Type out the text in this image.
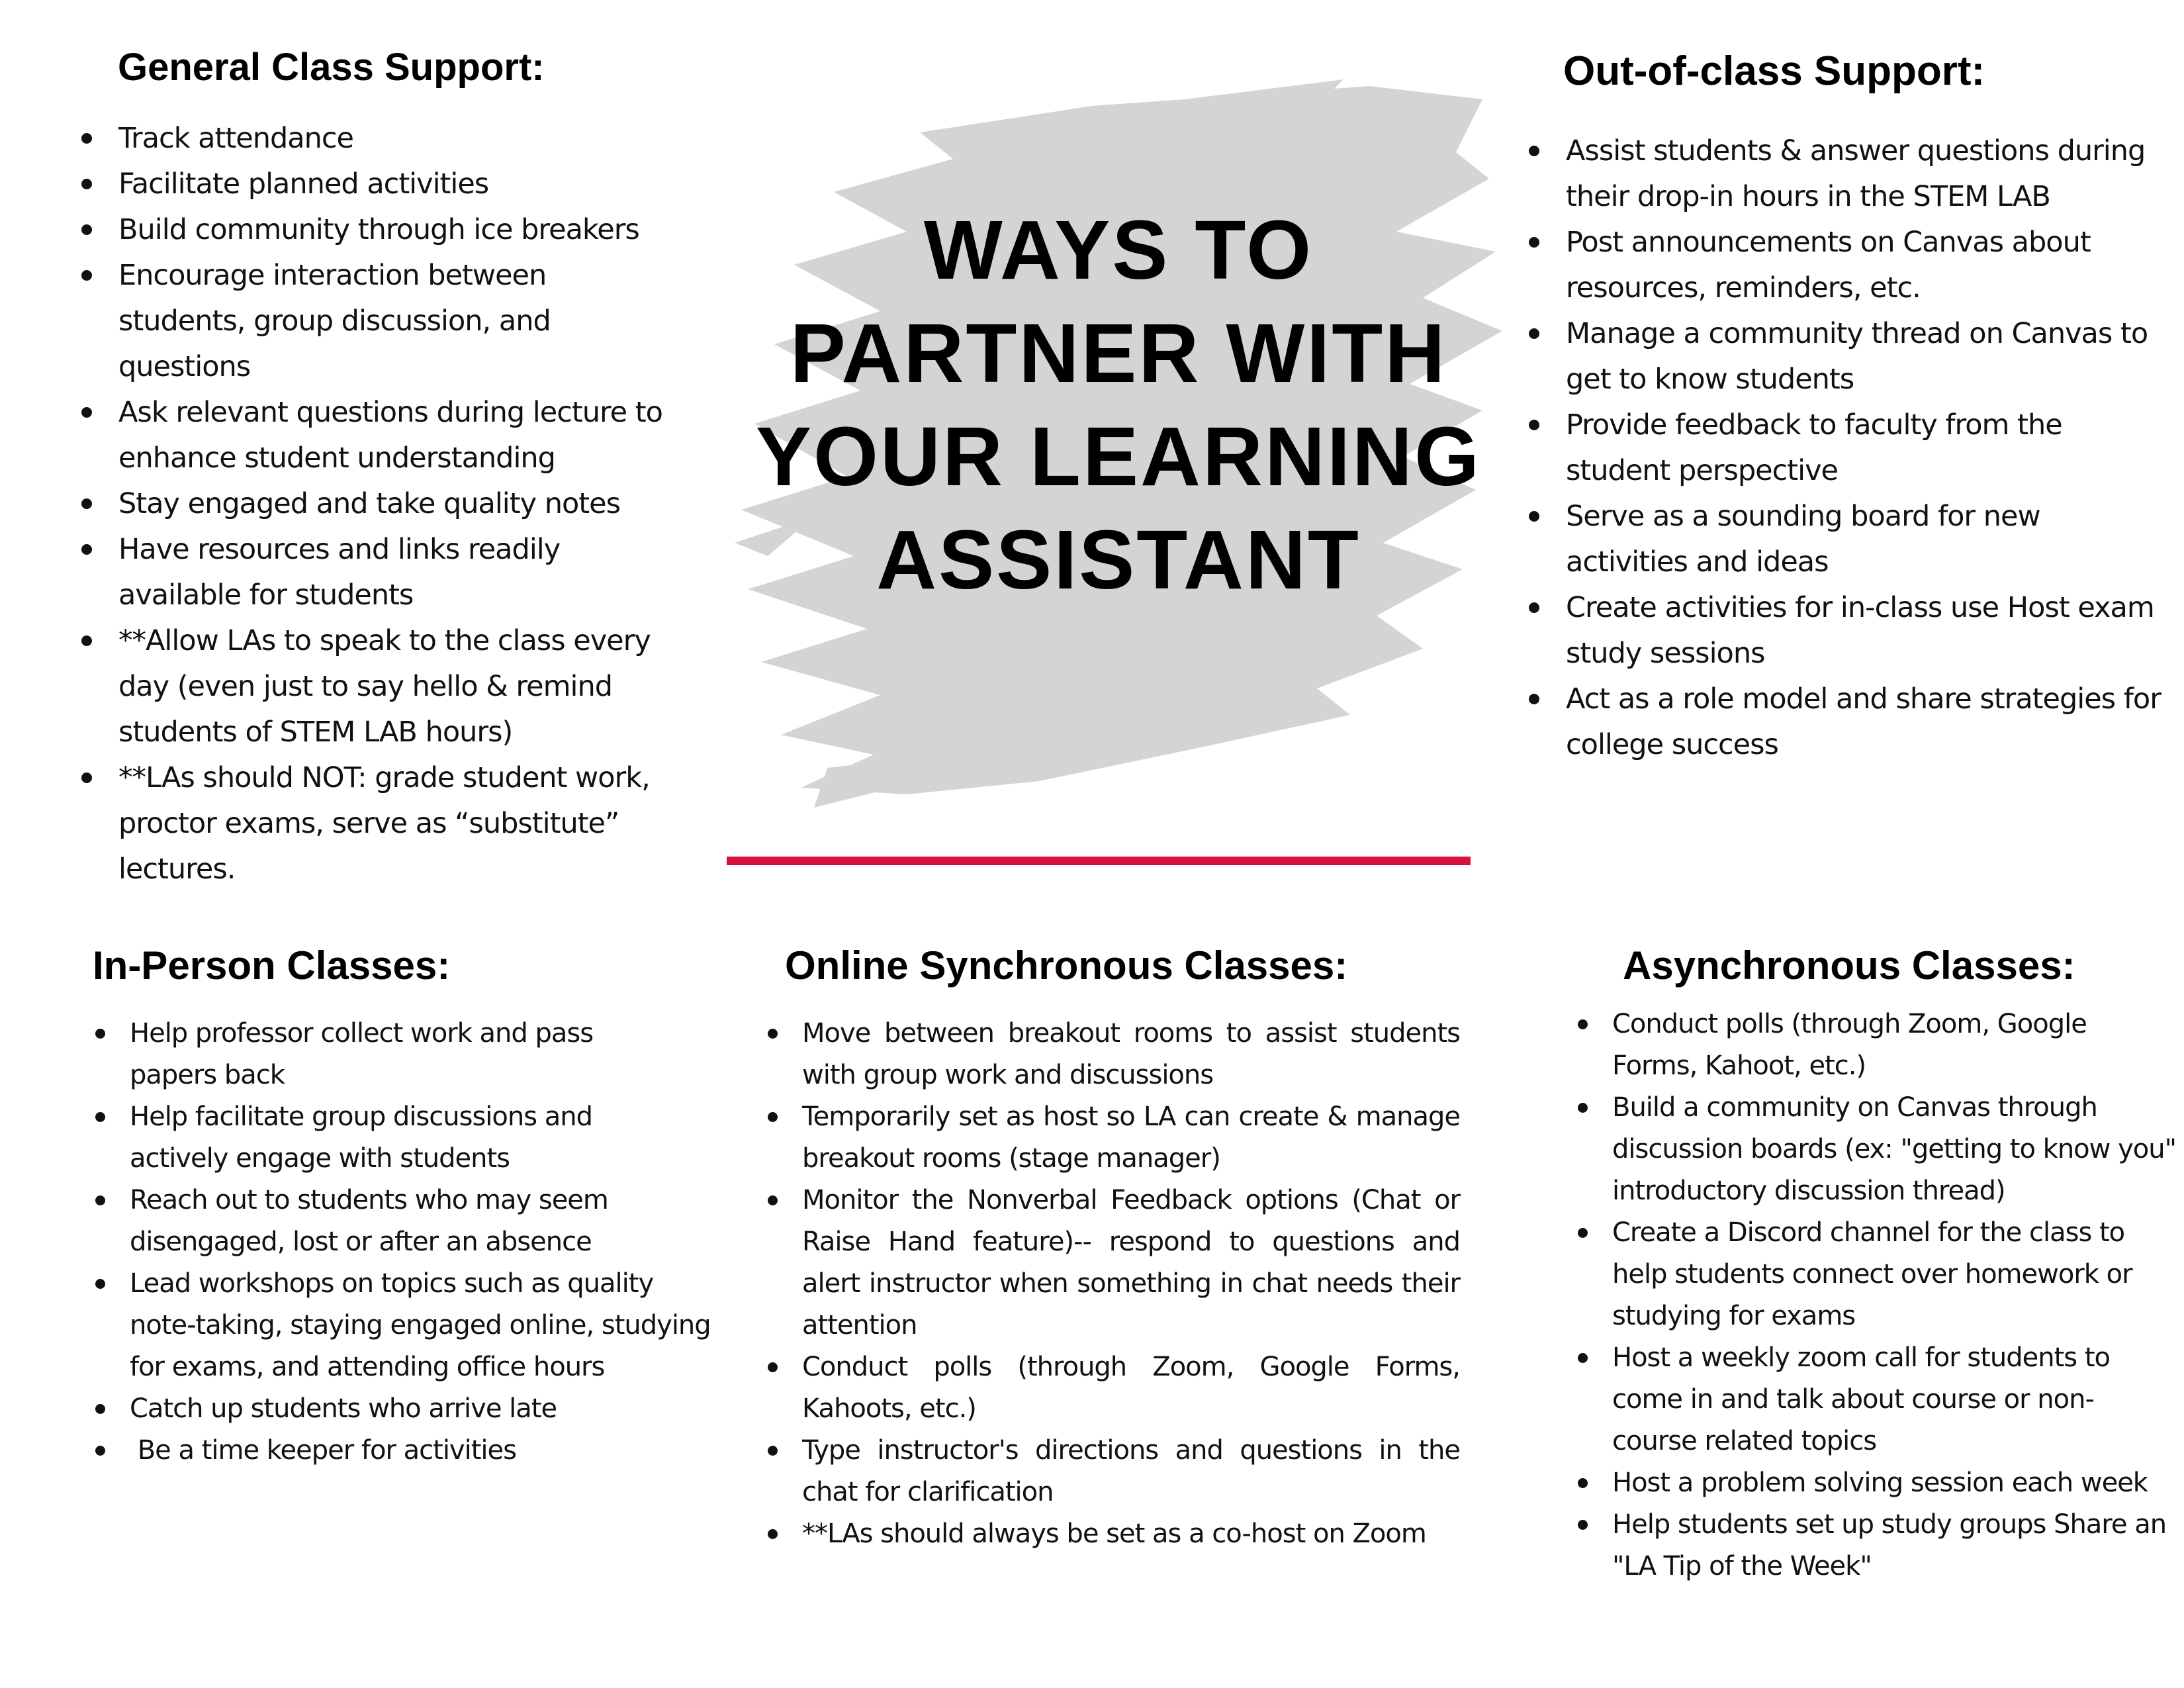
General Class Support:
Track attendance
Facilitate planned activities
Build community through ice breakers
Encourage interaction between students, group discussion, and questions
Ask relevant questions during lecture to enhance student understanding
Stay engaged and take quality notes
Have resources and links readily available for students
**Allow LAs to speak to the class every day (even just to say hello & remind students of STEM LAB hours)
**LAs should NOT: grade student work, proctor exams, serve as “substitute” lectures.
WAYS TO PARTNER WITH YOUR LEARNING ASSISTANT
Out-of-class Support:
Assist students & answer questions during their drop-in hours in the STEM LAB
Post announcements on Canvas about resources, reminders, etc.
Manage a community thread on Canvas to get to know students
Provide feedback to faculty from the student perspective
Serve as a sounding board for new activities and ideas
Create activities for in-class use Host exam study sessions
Act as a role model and share strategies for college success
In-Person Classes:
Help professor collect work and pass papers back
Help facilitate group discussions and actively engage with students
Reach out to students who may seem disengaged, lost or after an absence
Lead workshops on topics such as quality note-taking, staying engaged online, studying for exams, and attending office hours
Catch up students who arrive late
Be a time keeper for activities
Online Synchronous Classes:
Move between breakout rooms to assist students with group work and discussions
Temporarily set as host so LA can create & manage breakout rooms (stage manager)
Monitor the Nonverbal Feedback options (Chat or Raise Hand feature)-- respond to questions and alert instructor when something in chat needs their attention
Conduct polls (through Zoom, Google Forms, Kahoots, etc.)
Type instructor's directions and questions in the chat for clarification
**LAs should always be set as a co-host on Zoom
Asynchronous Classes:
Conduct polls (through Zoom, Google Forms, Kahoot, etc.)
Build a community on Canvas through discussion boards (ex: "getting to know you" introductory discussion thread)
Create a Discord channel for the class to help students connect over homework or studying for exams
Host a weekly zoom call for students to come in and talk about course or non-course related topics
Host a problem solving session each week
Help students set up study groups Share an "LA Tip of the Week"
